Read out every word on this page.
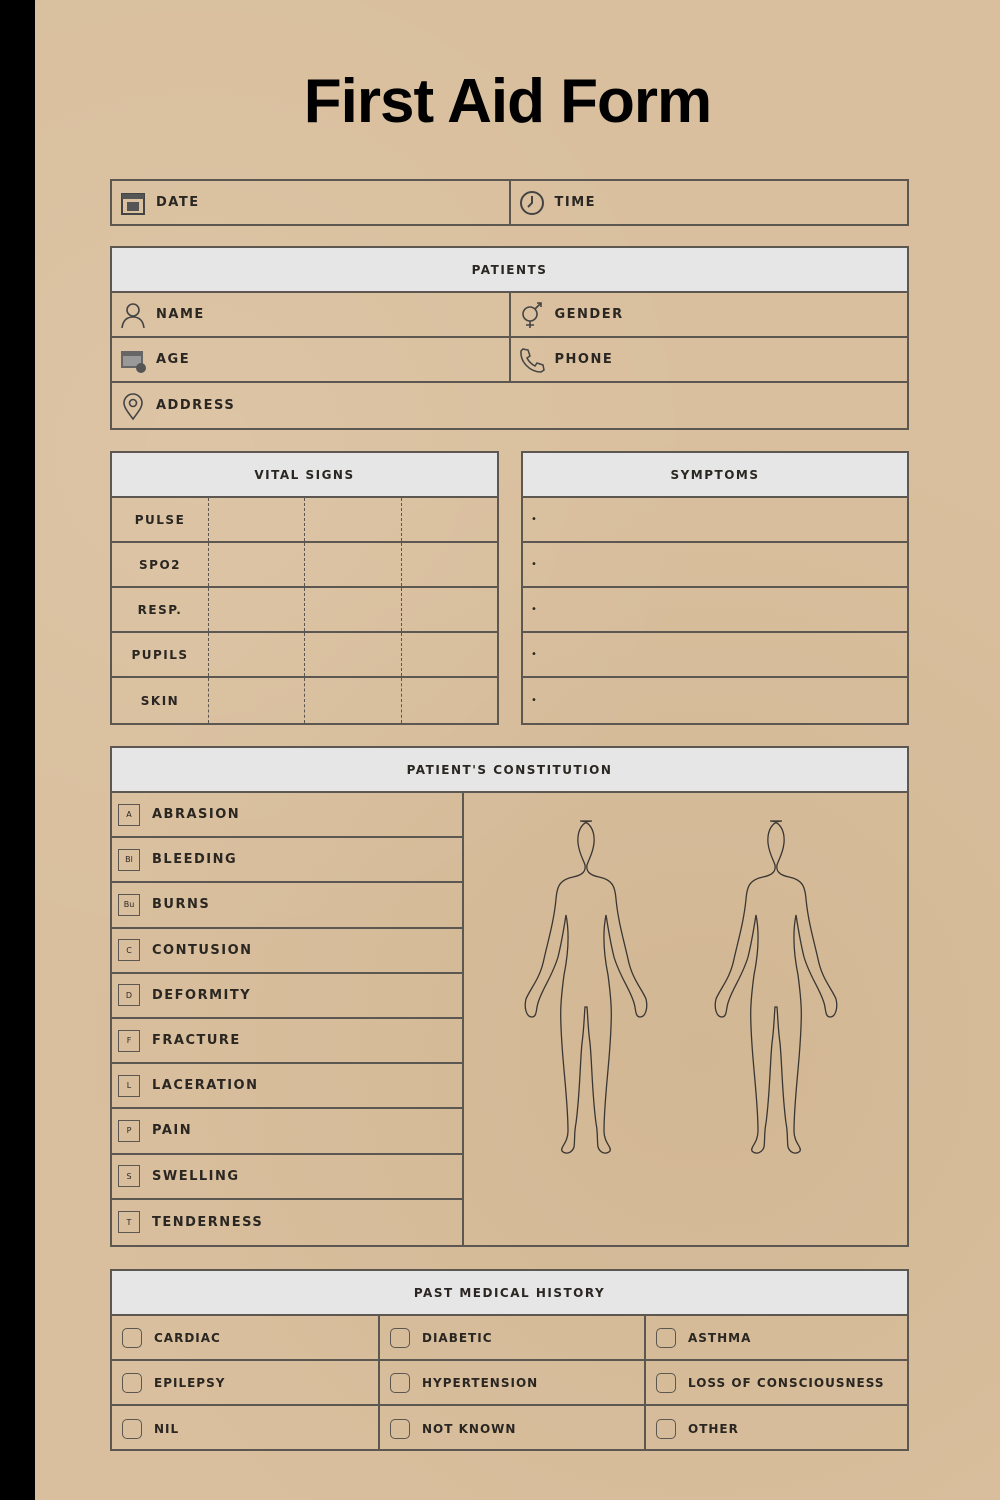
First Aid Form
DATE	TIME
PATIENTS
NAME	GENDER
AGE	PHONE
ADDRESS
VITAL SIGNS
PULSE
SPO2
RESP.
PUPILS
SKIN
SYMPTOMS
•
•
•
•
•
PATIENT'S CONSTITUTION
A	ABRASION
Bl	BLEEDING
Bu	BURNS
C	CONTUSION
D	DEFORMITY
F	FRACTURE
L	LACERATION
P	PAIN
S	SWELLING
T	TENDERNESS
PAST MEDICAL HISTORY
CARDIAC	DIABETIC	ASTHMA
EPILEPSY	HYPERTENSION	LOSS OF CONSCIOUSNESS
NIL	NOT KNOWN	OTHER
